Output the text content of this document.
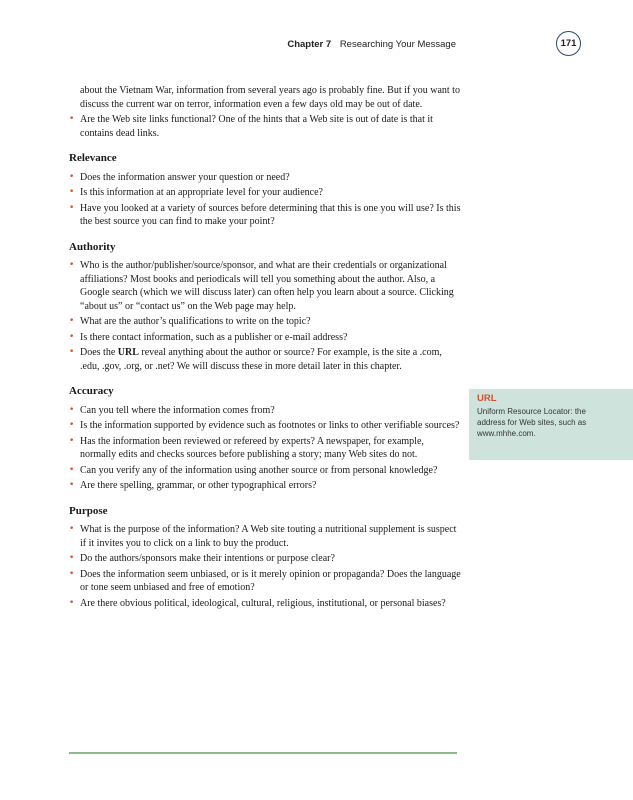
Chapter 7 Researching Your Message	171

about the Vietnam War, information from several years ago is probably fine. But if you want to discuss the current war on terror, information even a few days old may be out of date.

• Are the Web site links functional? One of the hints that a Web site is out of date is that it contains dead links.
Relevance
• Does the information answer your question or need?
• Is this information at an appropriate level for your audience?
• Have you looked at a variety of sources before determining that this is one you will use? Is this the best source you can find to make your point?
Authority
• Who is the author/publisher/source/sponsor, and what are their credentials or organizational affiliations? Most books and periodicals will tell you something about the author. Also, a Google search (which we will discuss later) can often help you learn about a source. Clicking “about us” or “contact us” on the Web page may help.
• What are the author’s qualifications to write on the topic?
• Is there contact information, such as a publisher or e-mail address?
• Does the URL reveal anything about the author or source? For example, is the site a .com, .edu, .gov, .org, or .net? We will discuss these in more detail later in this chapter.
Accuracy
• Can you tell where the information comes from?
• Is the information supported by evidence such as footnotes or links to other verifiable sources?
• Has the information been reviewed or refereed by experts? A newspaper, for example, normally edits and checks sources before publishing a story; many Web sites do not.
• Can you verify any of the information using another source or from personal knowledge?
• Are there spelling, grammar, or other typographical errors?
Purpose
• What is the purpose of the information? A Web site touting a nutritional supplement is suspect if it invites you to click on a link to buy the product.
• Do the authors/sponsors make their intentions or purpose clear?
• Does the information seem unbiased, or is it merely opinion or propaganda? Does the language or tone seem unbiased and free of emotion?
• Are there obvious political, ideological, cultural, religious, institutional, or personal biases?
URL
Uniform Resource Locator: the address for Web sites, such as www.mhhe.com.
